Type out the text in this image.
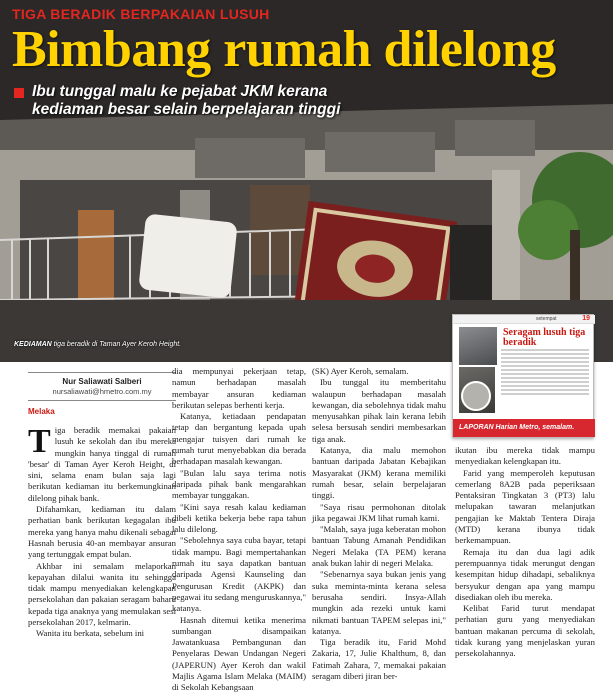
TIGA BERADIK BERPAKAIAN LUSUH
Bimbang rumah dilelong
Ibu tunggal malu ke pejabat JKM kerana kediaman besar selain berpelajaran tinggi
KEDIAMAN tiga beradik di Taman Ayer Keroh Height.
setempat	19
Seragam lusuh tiga beradik
LAPORAN Harian Metro, semalam.
Nur Saliawati Salberi
nursaliawati@hmetro.com.my
Melaka

Tiga beradik memakai pakaian lusuh ke sekolah dan ibu mereka mungkin hanya tinggal di rumah 'besar' di Taman Ayer Keroh Height, di sini, selama enam bulan saja lagi berikutan kediaman itu berkemungkinan dilelong pihak bank.

Difahamkan, kediaman itu dalam perhatian bank berikutan kegagalan ibu mereka yang hanya mahu dikenali sebagai Hasnah berusia 40-an membayar ansuran yang tertunggak empat bulan.

Akhbar ini semalam melaporkan kepayahan dilalui wanita itu sehingga tidak mampu menyediakan kelengkapan persekolahan dan pakaian seragam baharu kepada tiga anaknya yang memulakan sesi persekolahan 2017, kelmarin.

Wanita itu berkata, sebelum ini

dia mempunyai pekerjaan tetap, namun berhadapan masalah membayar ansuran kediaman berikutan selepas berhenti kerja.

Katanya, ketiadaan pendapatan tetap dan bergantung kepada upah mengajar tuisyen dari rumah ke rumah turut menyebabkan dia berada berhadapan masalah kewangan.

"Bulan lalu saya terima notis daripada pihak bank mengarahkan membayar tunggakan.

"Kini saya resah kalau kediaman dibeli ketika bekerja bebe rapa tahun lalu dilelong.

"Sebolehnya saya cuba bayar, tetapi tidak mampu. Bagi mempertahankan rumah itu saya dapatkan bantuan daripada Agensi Kaunseling dan Pengurusan Kredit (AKPK) dan pegawai itu sedang menguruskannya," katanya.

Hasnah ditemui ketika menerima sumbangan disampaikan Jawatankuasa Pembangunan dan Penyelaras Dewan Undangan Negeri (JAPERUN) Ayer Keroh dan wakil Majlis Agama Islam Melaka (MAIM) di Sekolah Kebangsaan

(SK) Ayer Keroh, semalam.

Ibu tunggal itu memberitahu walaupun berhadapan masalah kewangan, dia sebolehnya tidak mahu menyusahkan pihak lain kerana lebih selesa bersusah sendiri membesarkan tiga anak.

Katanya, dia malu memohon bantuan daripada Jabatan Kebajikan Masyarakat (JKM) kerana memiliki rumah besar, selain berpelajaran tinggi.

"Saya risau permohonan ditolak jika pegawai JKM lihat rumah kami.

"Malah, saya juga keberatan mohon bantuan Tabung Amanah Pendidikan Negeri Melaka (TA PEM) kerana anak bukan lahir di negeri Melaka.

"Sebenarnya saya bukan jenis yang suka meminta-minta kerana selesa berusaha sendiri. Insya-Allah mungkin ada rezeki untuk kami nikmati bantuan TAPEM selepas ini," katanya.

Tiga beradik itu, Farid Mohd Zakaria, 17, Julie Khalthum, 8, dan Fatimah Zahara, 7, memakai pakaian seragam diberi jiran ber-

ikutan ibu mereka tidak mampu menyediakan kelengkapan itu.

Farid yang memperoleh keputusan cemerlang 8A2B pada peperiksaan Pentaksiran Tingkatan 3 (PT3) lalu melupakan tawaran melanjutkan pengajian ke Maktab Tentera Diraja (MTD) kerana ibunya tidak berkemampuan.

Remaja itu dan dua lagi adik perempuannya tidak merungut dengan kesempitan hidup dihadapi, sebaliknya bersyukur dengan apa yang mampu disediakan oleh ibu mereka.

Kelibat Farid turut mendapat perhatian guru yang menyediakan bantuan makanan percuma di sekolah, tidak kurang yang menjelaskan yuran persekolahannya.
